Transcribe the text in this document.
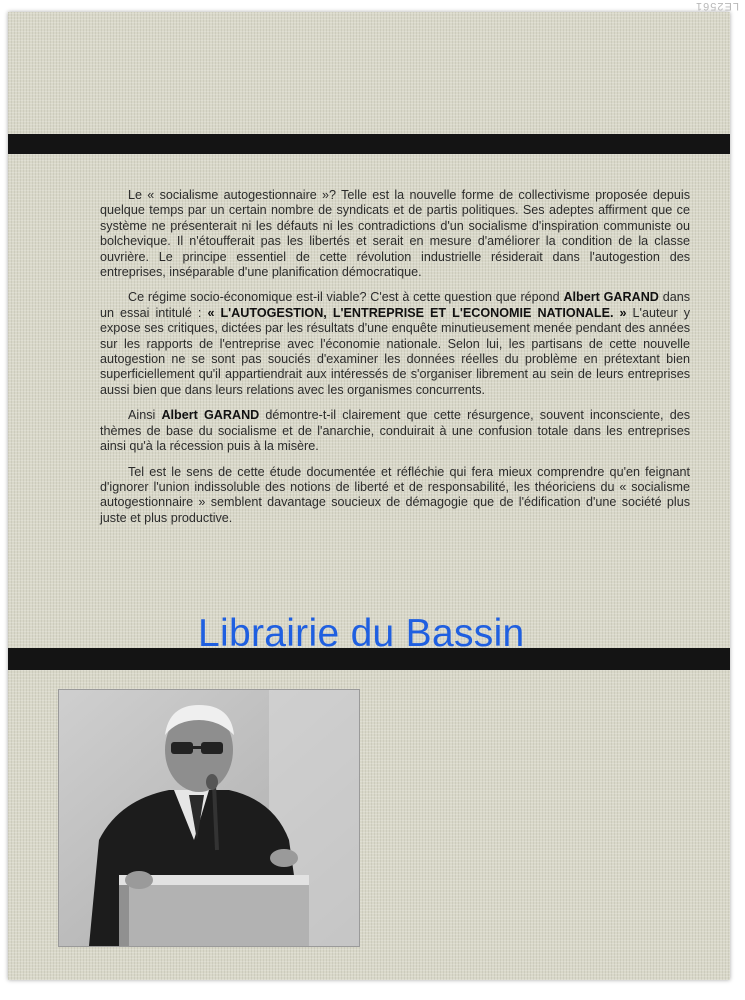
Le « socialisme autogestionnaire »? Telle est la nouvelle forme de collectivisme proposée depuis quelque temps par un certain nombre de syndicats et de partis politiques. Ses adeptes affirment que ce système ne présenterait ni les défauts ni les contradictions d'un socialisme d'inspiration communiste ou bolchevique. Il n'étoufferait pas les libertés et serait en mesure d'améliorer la condition de la classe ouvrière. Le principe essentiel de cette révolution industrielle résiderait dans l'autogestion des entreprises, inséparable d'une planification démocratique.

Ce régime socio-économique est-il viable? C'est à cette question que répond Albert GARAND dans un essai intitulé : « L'AUTOGESTION, L'ENTREPRISE ET L'ECONOMIE NATIONALE. » L'auteur y expose ses critiques, dictées par les résultats d'une enquête minutieusement menée pendant des années sur les rapports de l'entreprise avec l'économie nationale. Selon lui, les partisans de cette nouvelle autogestion ne se sont pas souciés d'examiner les données réelles du problème en prétextant bien superficiellement qu'il appartiendrait aux intéressés de s'organiser librement au sein de leurs entreprises aussi bien que dans leurs relations avec les organismes concurrents.

Ainsi Albert GARAND démontre-t-il clairement que cette résurgence, souvent inconsciente, des thèmes de base du socialisme et de l'anarchie, conduirait à une confusion totale dans les entreprises ainsi qu'à la récession puis à la misère.

Tel est le sens de cette étude documentée et réfléchie qui fera mieux comprendre qu'en feignant d'ignorer l'union indissoluble des notions de liberté et de responsabilité, les théoriciens du « socialisme autogestionnaire » semblent davantage soucieux de démagogie que de l'édification d'une société plus juste et plus productive.

Librairie du Bassin
LE2561
